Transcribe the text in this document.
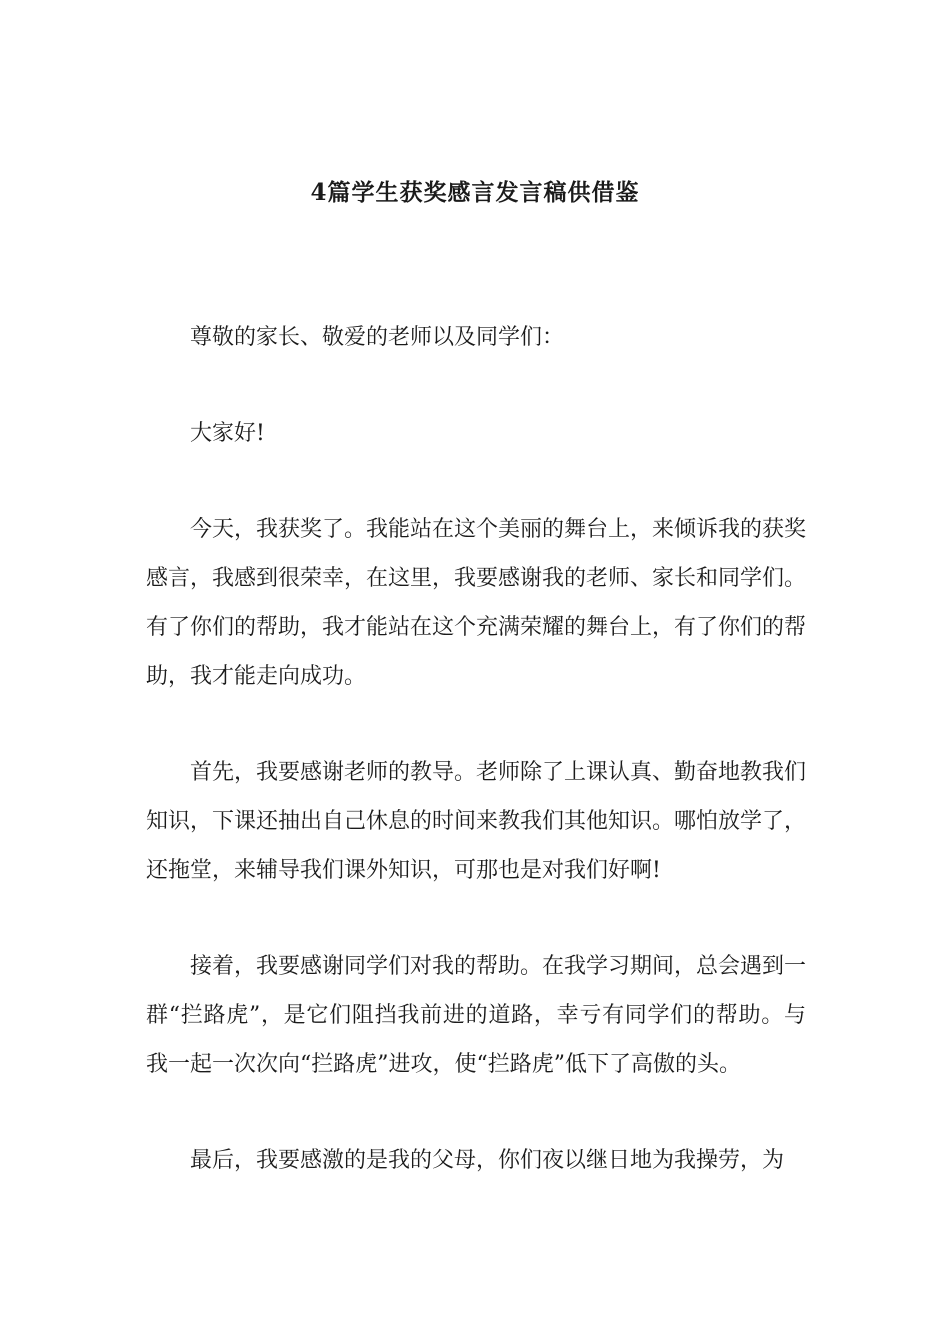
4篇学生获奖感言发言稿供借鉴

尊敬的家长、敬爱的老师以及同学们：

大家好!

今天，我获奖了。我能站在这个美丽的舞台上，来倾诉我的获奖感言，我感到很荣幸，在这里，我要感谢我的老师、家长和同学们。有了你们的帮助，我才能站在这个充满荣耀的舞台上，有了你们的帮助，我才能走向成功。

首先，我要感谢老师的教导。老师除了上课认真、勤奋地教我们知识，下课还抽出自己休息的时间来教我们其他知识。哪怕放学了，还拖堂，来辅导我们课外知识，可那也是对我们好啊!

接着，我要感谢同学们对我的帮助。在我学习期间，总会遇到一群“拦路虎”，是它们阻挡我前进的道路，幸亏有同学们的帮助。与我一起一次次向“拦路虎”进攻，使“拦路虎”低下了高傲的头。

最后，我要感激的是我的父母，你们夜以继日地为我操劳，为
